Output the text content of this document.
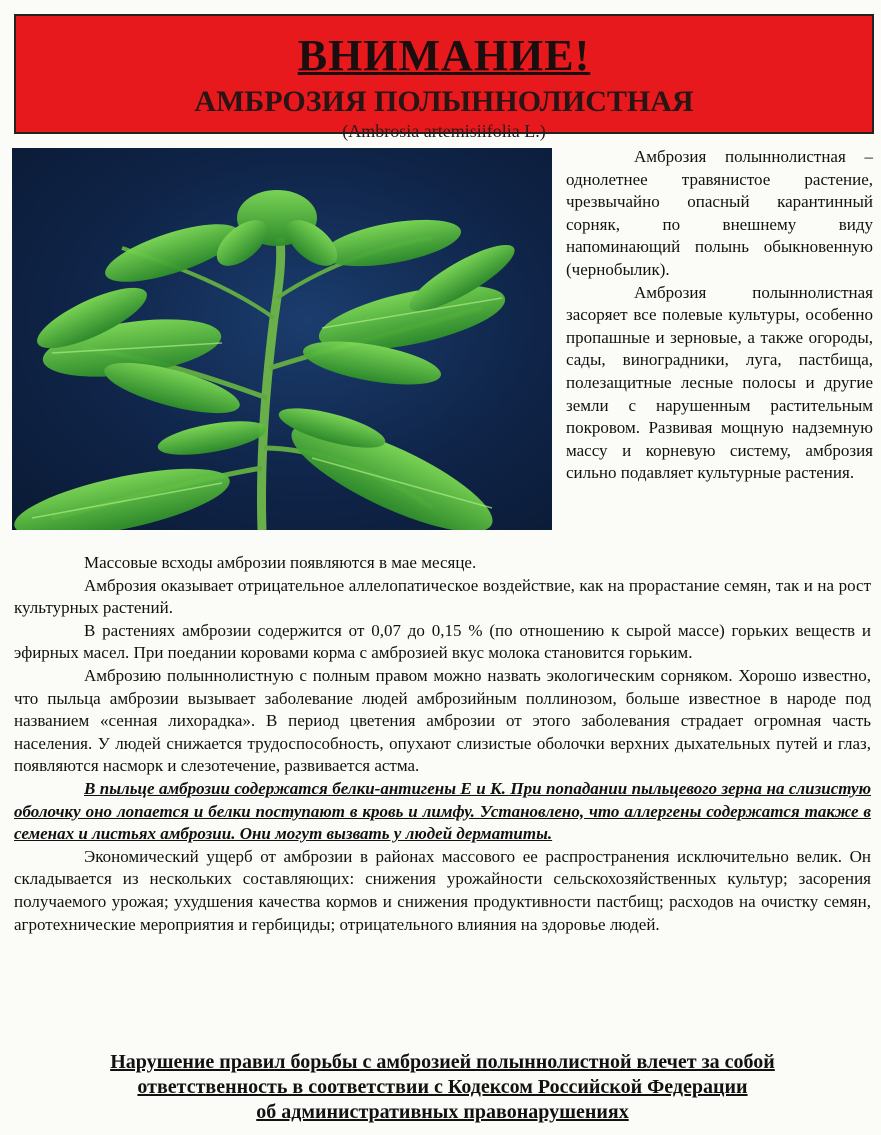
ВНИМАНИЕ!
АМБРОЗИЯ ПОЛЫННОЛИСТНАЯ
(Ambrosia artemisiifolia L.)

Амброзия полыннолистная – однолетнее травянистое растение, чрезвычайно опасный карантинный сорняк, по внешнему виду напоминающий полынь обыкновенную (чернобылик).

Амброзия полыннолистная засоряет все полевые культуры, особенно пропашные и зерновые, а также огороды, сады, виноградники, луга, пастбища, полезащитные лесные полосы и другие земли с нарушенным растительным покровом. Развивая мощную надземную массу и корневую систему, амброзия сильно подавляет культурные растения.

Массовые всходы амброзии появляются в мае месяце.

Амброзия оказывает отрицательное аллелопатическое воздействие, как на прорастание семян, так и на рост культурных растений.

В растениях амброзии содержится от 0,07 до 0,15 % (по отношению к сырой массе) горьких веществ и эфирных масел. При поедании коровами корма с амброзией вкус молока становится горьким.

Амброзию полыннолистную с полным правом можно назвать экологическим сорняком. Хорошо известно, что пыльца амброзии вызывает заболевание людей амброзийным поллинозом, больше известное в народе под названием «сенная лихорадка». В период цветения амброзии от этого заболевания страдает огромная часть населения. У людей снижается трудоспособность, опухают слизистые оболочки верхних дыхательных путей и глаз, появляются насморк и слезотечение, развивается астма.

В пыльце амброзии содержатся белки-антигены Е и К. При попадании пыльцевого зерна на слизистую оболочку оно лопается и белки поступают в кровь и лимфу. Установлено, что аллергены содержатся также в семенах и листьях амброзии. Они могут вызвать у людей дерматиты.

Экономический ущерб от амброзии в районах массового ее распространения исключительно велик. Он складывается из нескольких составляющих: снижения урожайности сельскохозяйственных культур; засорения получаемого урожая; ухудшения качества кормов и снижения продуктивности пастбищ; расходов на очистку семян, агротехнические мероприятия и гербициды; отрицательного влияния на здоровье людей.

Нарушение правил борьбы с амброзией полыннолистной влечет за собой
ответственность в соответствии с Кодексом Российской Федерации
об административных правонарушениях
